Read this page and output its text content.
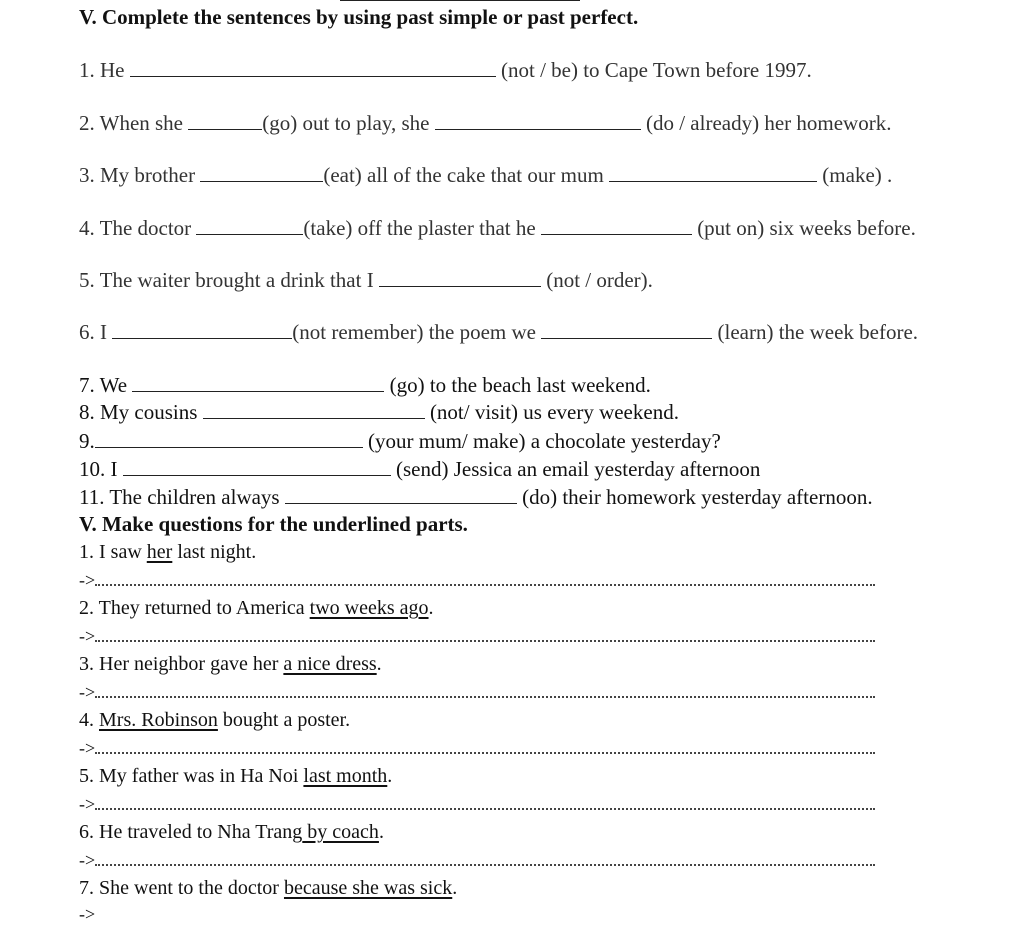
V. Complete the sentences by using past simple or past perfect.
1. He	(not / be) to Cape Town before 1997.
2. When she	(go) out to play, she	(do / already) her homework.
3. My brother	(eat) all of the cake that our mum	(make) .
4. The doctor	(take) off the plaster that he	(put on) six weeks before.
5. The waiter brought a drink that I	(not / order).
6. I	(not remember) the poem we	(learn) the week before.
7. We	(go) to the beach last weekend.
8. My cousins	(not/ visit) us every weekend.
9.	(your mum/ make) a chocolate yesterday?
10. I	(send) Jessica an email yesterday afternoon
11. The children always	(do) their homework yesterday afternoon.
V. Make questions for the underlined parts.
1. I saw her last night.
->
2. They returned to America two weeks ago.
->
3. Her neighbor gave her a nice dress.
->
4. Mrs. Robinson bought a poster.
->
5. My father was in Ha Noi last month.
->
6. He traveled to Nha Trang by coach.
->
7. She went to the doctor because she was sick.
->
